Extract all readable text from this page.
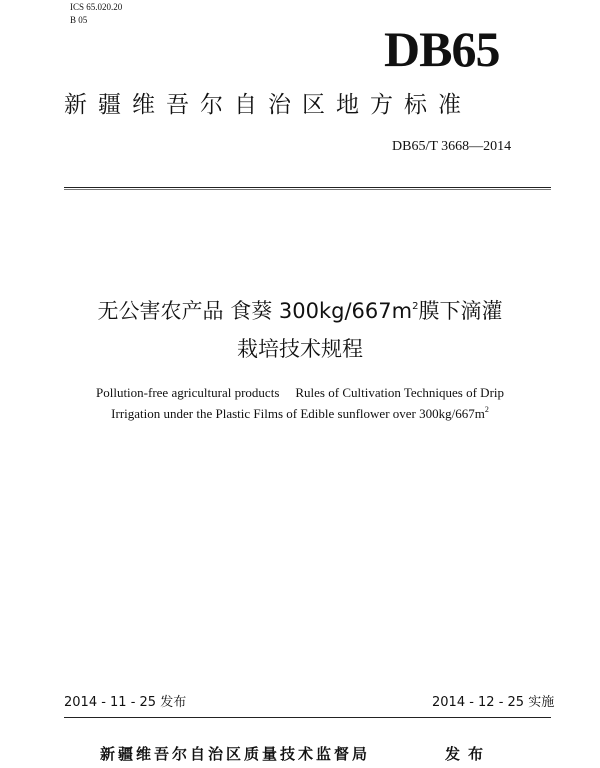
ICS 65.020.20
B 05
DB65
新疆维吾尔自治区地方标准
DB65/T 3668—2014
无公害农产品 食葵 $300kg/667m^2$膜下滴灌
栽培技术规程
Pollution-free agricultural products Rules of Cultivation Techniques of Drip
Irrigation under the Plastic Films of Edible sunflower over $300kg/667m^2$
2014 - 11 - 25 发布	2014 - 12 - 25 实施
新疆维吾尔自治区质量技术监督局	发布
